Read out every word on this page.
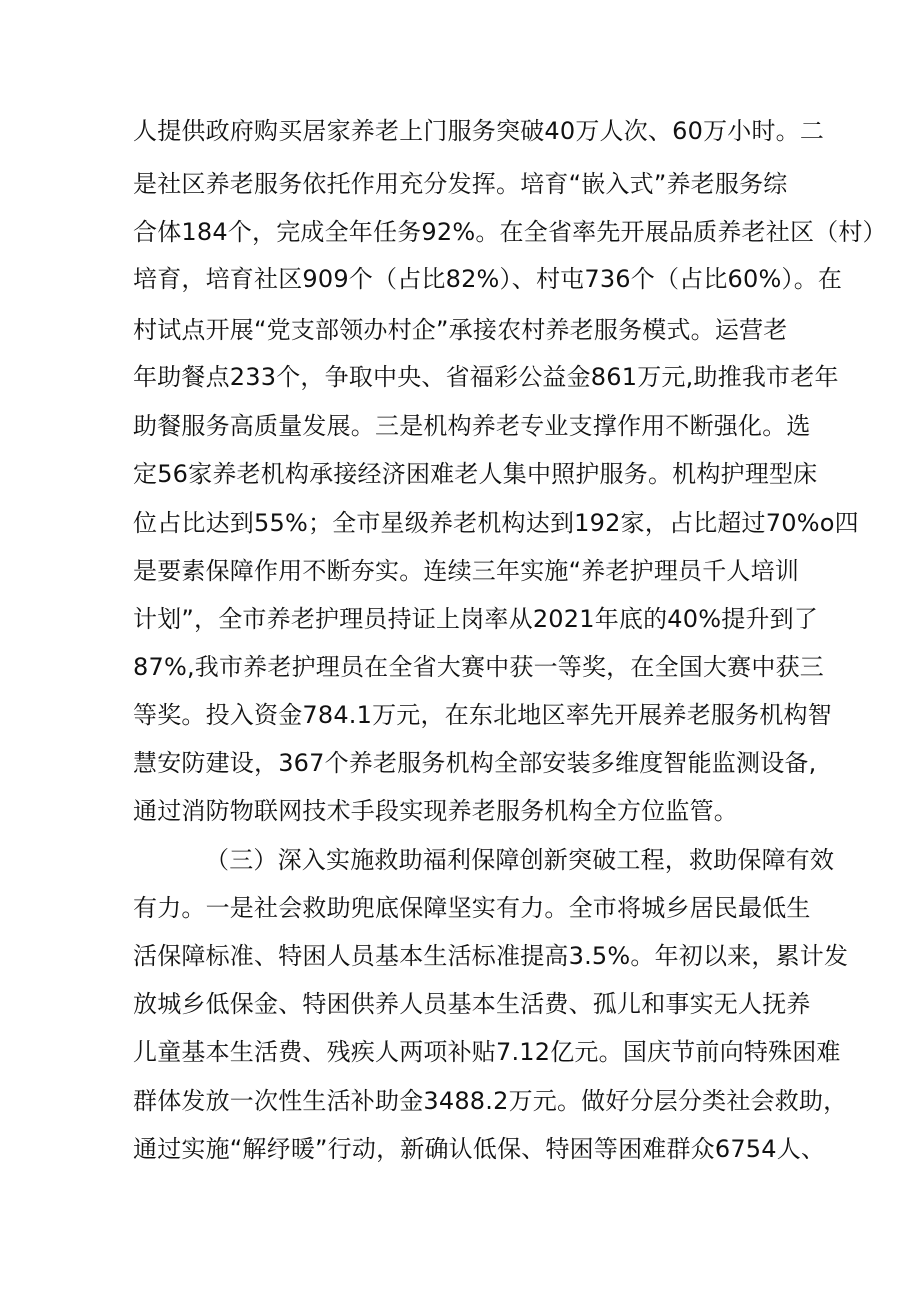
人提供政府购买居家养老上门服务突破40万人次、60万小时。二

是社区养老服务依托作用充分发挥。培育“嵌入式”养老服务综

合体184个，完成全年任务92%。在全省率先开展品质养老社区（村）

培育，培育社区909个（占比82%）、村屯736个（占比60%）。在

村试点开展“党支部领办村企”承接农村养老服务模式。运营老

年助餐点233个，争取中央、省福彩公益金861万元,助推我市老年

助餐服务高质量发展。三是机构养老专业支撑作用不断强化。选

定56家养老机构承接经济困难老人集中照护服务。机构护理型床

位占比达到55%；全市星级养老机构达到192家，占比超过70%o四

是要素保障作用不断夯实。连续三年实施“养老护理员千人培训

计划”，全市养老护理员持证上岗率从2021年底的40%提升到了

87%,我市养老护理员在全省大赛中获一等奖，在全国大赛中获三

等奖。投入资金784.1万元，在东北地区率先开展养老服务机构智

慧安防建设，367个养老服务机构全部安装多维度智能监测设备,

通过消防物联网技术手段实现养老服务机构全方位监管。

（三）深入实施救助福利保障创新突破工程，救助保障有效

有力。一是社会救助兜底保障坚实有力。全市将城乡居民最低生

活保障标准、特困人员基本生活标准提高3.5%。年初以来，累计发

放城乡低保金、特困供养人员基本生活费、孤儿和事实无人抚养

儿童基本生活费、残疾人两项补贴7.12亿元。国庆节前向特殊困难

群体发放一次性生活补助金3488.2万元。做好分层分类社会救助，

通过实施“解纾暖”行动，新确认低保、特困等困难群众6754人、
